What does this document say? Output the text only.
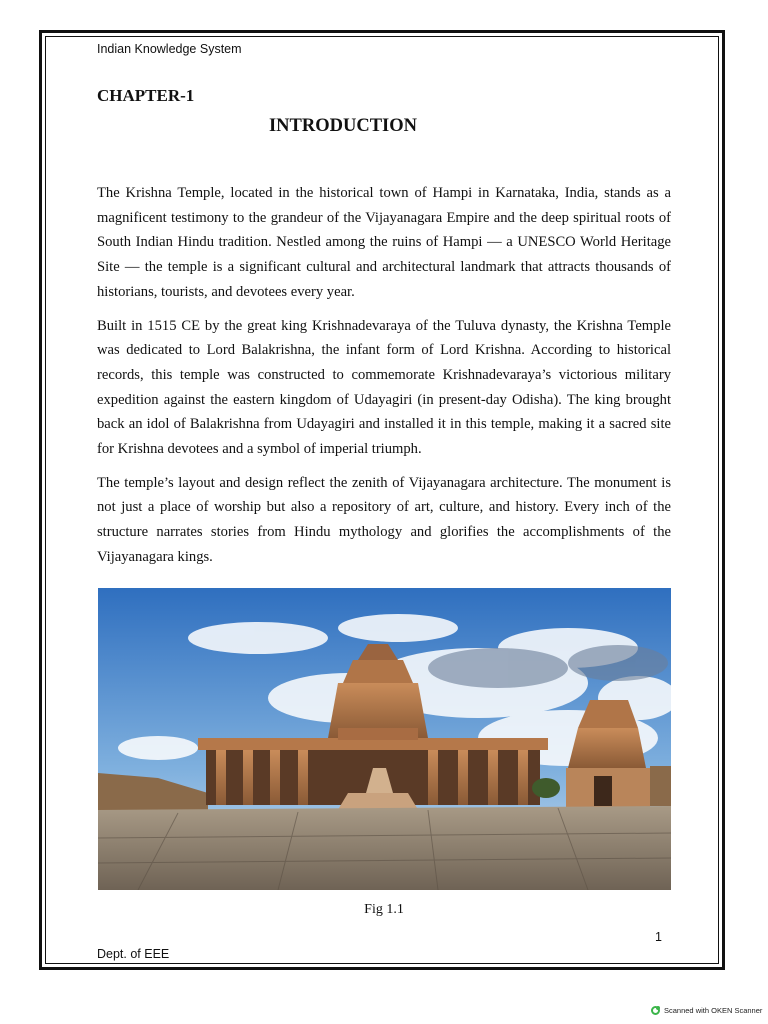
Indian Knowledge System
CHAPTER-1
INTRODUCTION

The Krishna Temple, located in the historical town of Hampi in Karnataka, India, stands as a magnificent testimony to the grandeur of the Vijayanagara Empire and the deep spiritual roots of South Indian Hindu tradition. Nestled among the ruins of Hampi — a UNESCO World Heritage Site — the temple is a significant cultural and architectural landmark that attracts thousands of historians, tourists, and devotees every year.

Built in 1515 CE by the great king Krishnadevaraya of the Tuluva dynasty, the Krishna Temple was dedicated to Lord Balakrishna, the infant form of Lord Krishna. According to historical records, this temple was constructed to commemorate Krishnadevaraya’s victorious military expedition against the eastern kingdom of Udayagiri (in present-day Odisha). The king brought back an idol of Balakrishna from Udayagiri and installed it in this temple, making it a sacred site for Krishna devotees and a symbol of imperial triumph.

The temple’s layout and design reflect the zenith of Vijayanagara architecture. The monument is not just a place of worship but also a repository of art, culture, and history. Every inch of the structure narrates stories from Hindu mythology and glorifies the accomplishments of the Vijayanagara kings.

Fig 1.1
1
Dept. of EEE
Scanned with OKEN Scanner
